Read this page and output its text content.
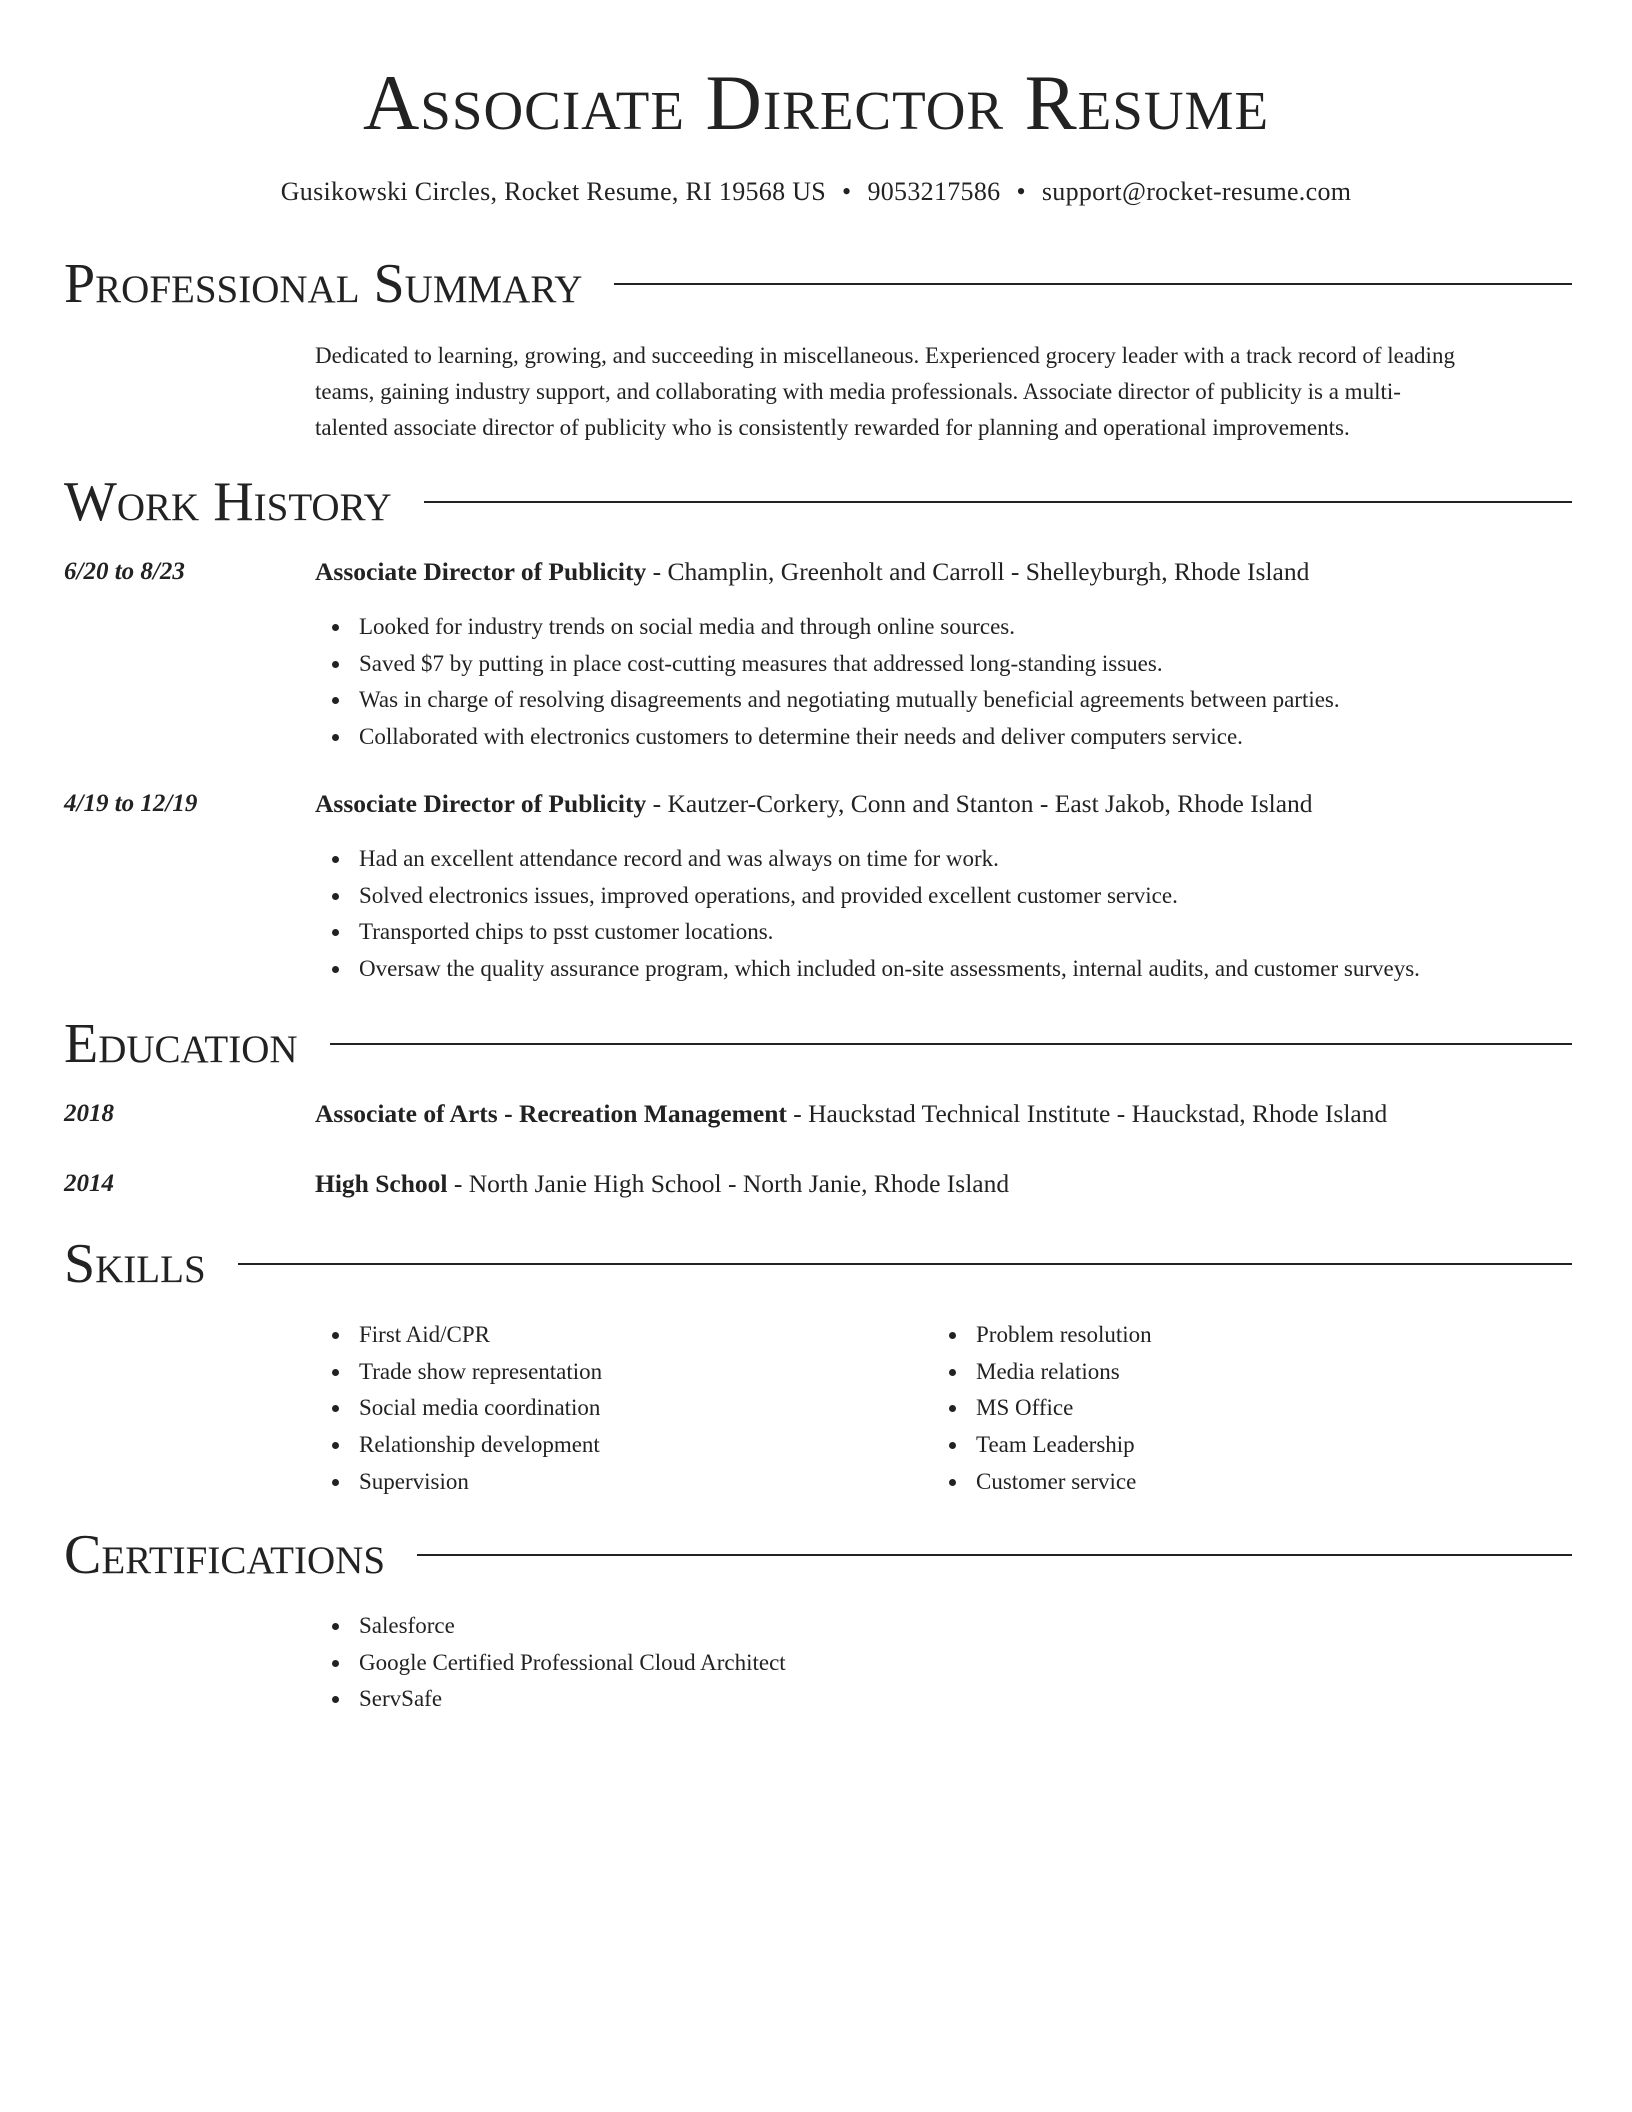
Associate Director Resume
Gusikowski Circles, Rocket Resume, RI 19568 US • 9053217586 • support@rocket-resume.com
Professional Summary
Dedicated to learning, growing, and succeeding in miscellaneous. Experienced grocery leader with a track record of leading
teams, gaining industry support, and collaborating with media professionals. Associate director of publicity is a multi-
talented associate director of publicity who is consistently rewarded for planning and operational improvements.
Work History
6/20 to 8/23	Associate Director of Publicity - Champlin, Greenholt and Carroll - Shelleyburgh, Rhode Island
Looked for industry trends on social media and through online sources.
Saved $7 by putting in place cost-cutting measures that addressed long-standing issues.
Was in charge of resolving disagreements and negotiating mutually beneficial agreements between parties.
Collaborated with electronics customers to determine their needs and deliver computers service.
4/19 to 12/19	Associate Director of Publicity - Kautzer-Corkery, Conn and Stanton - East Jakob, Rhode Island
Had an excellent attendance record and was always on time for work.
Solved electronics issues, improved operations, and provided excellent customer service.
Transported chips to psst customer locations.
Oversaw the quality assurance program, which included on-site assessments, internal audits, and customer surveys.
Education
2018	Associate of Arts - Recreation Management - Hauckstad Technical Institute - Hauckstad, Rhode Island
2014	High School - North Janie High School - North Janie, Rhode Island
Skills
First Aid/CPR
Trade show representation
Social media coordination
Relationship development
Supervision
Problem resolution
Media relations
MS Office
Team Leadership
Customer service
Certifications
Salesforce
Google Certified Professional Cloud Architect
ServSafe
